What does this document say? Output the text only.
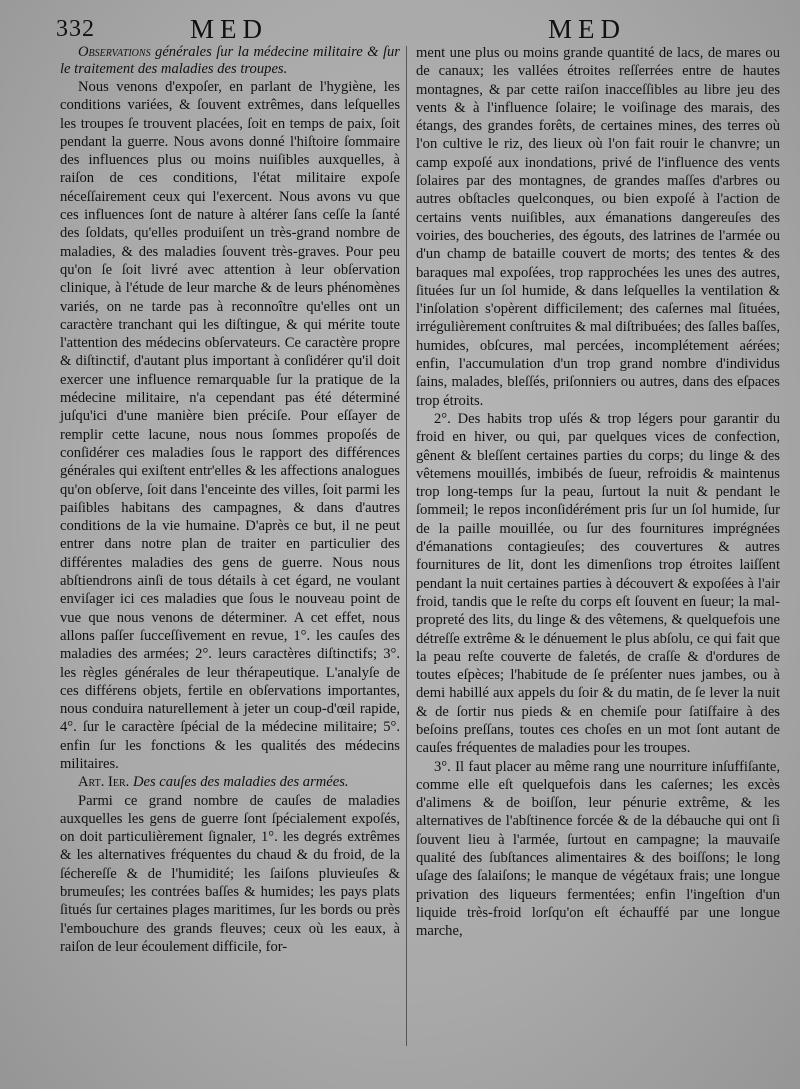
332	MED	MED

Observations générales ſur la médecine militaire & ſur le traitement des maladies des troupes.

Nous venons d'expoſer, en parlant de l'hygiène, les conditions variées, & ſouvent extrêmes, dans leſquelles les troupes ſe trouvent placées, ſoit en temps de paix, ſoit pendant la guerre. Nous avons donné l'hiſtoire ſommaire des influences plus ou moins nuiſibles auxquelles, à raiſon de ces conditions, l'état militaire expoſe néceſſairement ceux qui l'exercent. Nous avons vu que ces influences ſont de nature à altérer ſans ceſſe la ſanté des ſoldats, qu'elles produiſent un très-grand nombre de maladies, & des maladies ſouvent très-graves. Pour peu qu'on ſe ſoit livré avec attention à leur obſervation clinique, à l'étude de leur marche & de leurs phénomènes variés, on ne tarde pas à reconnoître qu'elles ont un caractère tranchant qui les diſtingue, & qui mérite toute l'attention des médecins obſervateurs. Ce caractère propre & diſtinctif, d'autant plus important à conſidérer qu'il doit exercer une influence remarquable ſur la pratique de la médecine militaire, n'a cependant pas été déterminé juſqu'ici d'une manière bien préciſe. Pour eſſayer de remplir cette lacune, nous nous ſommes propoſés de conſidérer ces maladies ſous le rapport des différences générales qui exiſtent entr'elles & les affections analogues qu'on obſerve, ſoit dans l'enceinte des villes, ſoit parmi les paiſibles habitans des campagnes, & dans d'autres conditions de la vie humaine. D'après ce but, il ne peut entrer dans notre plan de traiter en particulier des différentes maladies des gens de guerre. Nous nous abſtiendrons ainſi de tous détails à cet égard, ne voulant enviſager ici ces maladies que ſous le nouveau point de vue que nous venons de déterminer. A cet effet, nous allons paſſer ſucceſſivement en revue, 1°. les cauſes des maladies des armées; 2°. leurs caractères diſtinctifs; 3°. les règles générales de leur thérapeutique. L'analyſe de ces différens objets, fertile en obſervations importantes, nous conduira naturellement à jeter un coup-d'œil rapide, 4°. ſur le caractère ſpécial de la médecine militaire; 5°. enfin ſur les fonctions & les qualités des médecins militaires.

Art. Ier. Des cauſes des maladies des armées.

Parmi ce grand nombre de cauſes de maladies auxquelles les gens de guerre ſont ſpécialement expoſés, on doit particulièrement ſignaler, 1°. les degrés extrêmes & les alternatives fréquentes du chaud & du froid, de la ſéchereſſe & de l'humidité; les ſaiſons pluvieuſes & brumeuſes; les contrées baſſes & humides; les pays plats ſitués ſur certaines plages maritimes, ſur les bords ou près l'embouchure des grands fleuves; ceux où les eaux, à raiſon de leur écoulement difficile, for-

ment une plus ou moins grande quantité de lacs, de mares ou de canaux; les vallées étroites reſſerrées entre de hautes montagnes, & par cette raiſon inacceſſibles au libre jeu des vents & à l'influence ſolaire; le voiſinage des marais, des étangs, des grandes forêts, de certaines mines, des terres où l'on cultive le riz, des lieux où l'on fait rouir le chanvre; un camp expoſé aux inondations, privé de l'influence des vents ſolaires par des montagnes, de grandes maſſes d'arbres ou autres obſtacles quelconques, ou bien expoſé à l'action de certains vents nuiſibles, aux émanations dangereuſes des voiries, des boucheries, des égouts, des latrines de l'armée ou d'un champ de bataille couvert de morts; des tentes & des baraques mal expoſées, trop rapprochées les unes des autres, ſituées ſur un ſol humide, & dans leſquelles la ventilation & l'inſolation s'opèrent difficilement; des caſernes mal ſituées, irrégulièrement conſtruites & mal diſtribuées; des ſalles baſſes, humides, obſcures, mal percées, incomplétement aérées; enfin, l'accumulation d'un trop grand nombre d'individus ſains, malades, bleſſés, priſonniers ou autres, dans des eſpaces trop étroits.

2°. Des habits trop uſés & trop légers pour garantir du froid en hiver, ou qui, par quelques vices de confection, gênent & bleſſent certaines parties du corps; du linge & des vêtemens mouillés, imbibés de ſueur, refroidis & maintenus trop long-temps ſur la peau, ſurtout la nuit & pendant le ſommeil; le repos inconſidérément pris ſur un ſol humide, ſur de la paille mouillée, ou ſur des fournitures imprégnées d'émanations contagieuſes; des couvertures & autres fournitures de lit, dont les dimenſions trop étroites laiſſent pendant la nuit certaines parties à découvert & expoſées à l'air froid, tandis que le reſte du corps eſt ſouvent en ſueur; la mal-propreté des lits, du linge & des vêtemens, & quelquefois une détreſſe extrême & le dénuement le plus abſolu, ce qui fait que la peau reſte couverte de faletés, de craſſe & d'ordures de toutes eſpèces; l'habitude de ſe préſenter nues jambes, ou à demi habillé aux appels du ſoir & du matin, de ſe lever la nuit & de ſortir nus pieds & en chemiſe pour ſatiſfaire à des beſoins preſſans, toutes ces choſes en un mot ſont autant de cauſes fréquentes de maladies pour les troupes.

3°. Il faut placer au même rang une nourriture inſuffiſante, comme elle eſt quelquefois dans les caſernes; les excès d'alimens & de boiſſon, leur pénurie extrême, & les alternatives de l'abſtinence forcée & de la débauche qui ont ſi ſouvent lieu à l'armée, ſurtout en campagne; la mauvaiſe qualité des ſubſtances alimentaires & des boiſſons; le long uſage des ſalaiſons; le manque de végétaux frais; une longue privation des liqueurs fermentées; enfin l'ingeſtion d'un liquide très-froid lorſqu'on eſt échauffé par une longue marche,
